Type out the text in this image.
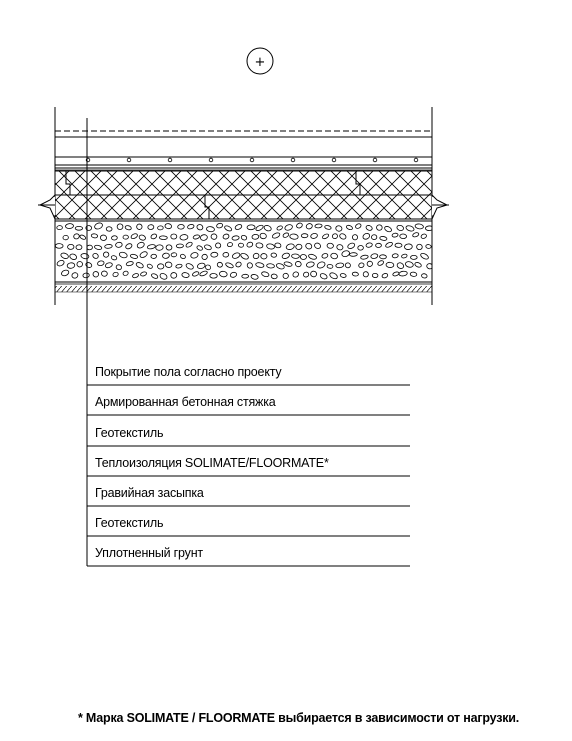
+
Покрытие пола согласно проекту
Армированная бетонная стяжка
Геотекстиль
Теплоизоляция SOLIMATE/FLOORMATE*
Гравийная засыпка
Геотекстиль
Уплотненный грунт
* Марка SOLIMATE / FLOORMATE выбирается в зависимости от нагрузки.
